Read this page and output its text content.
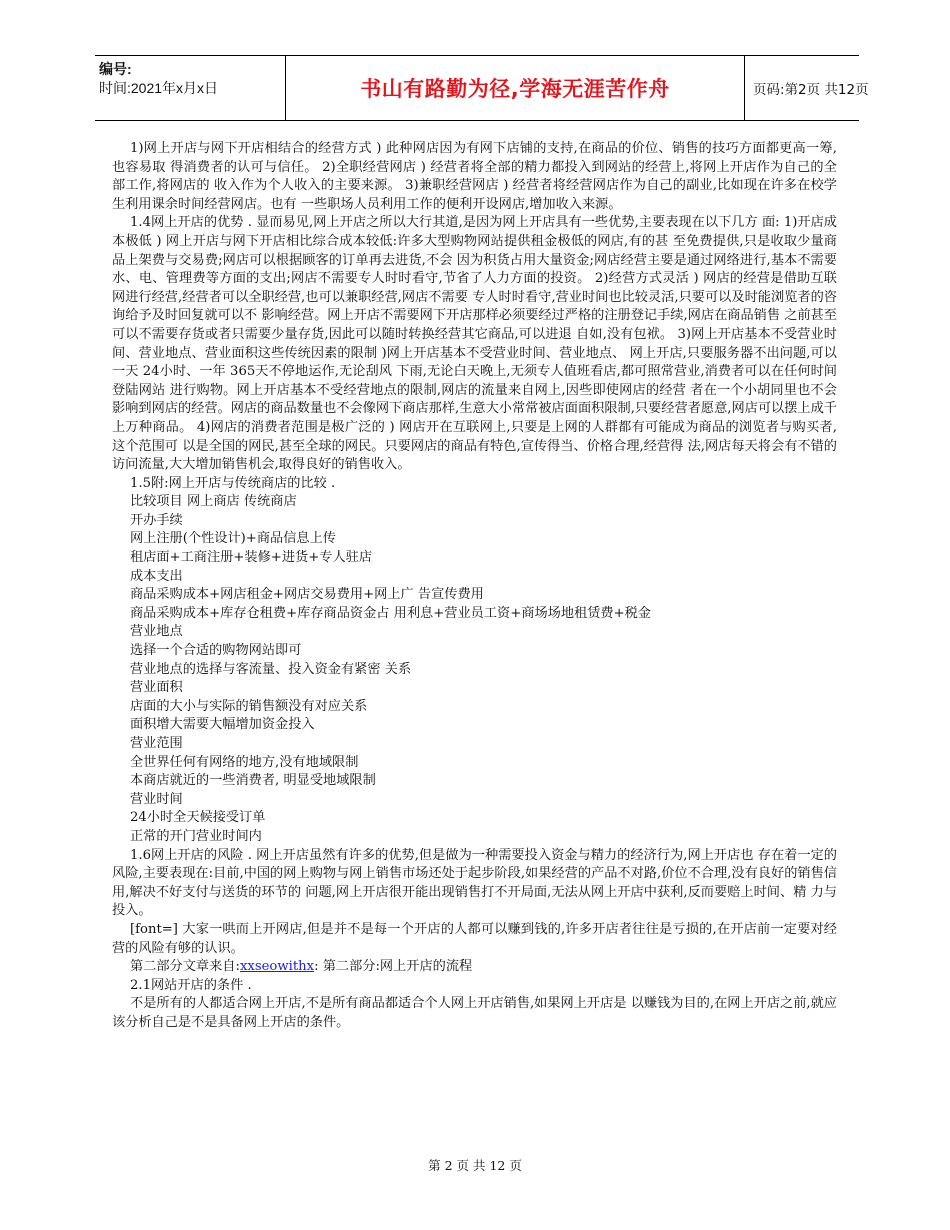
编号:
时间:2021年x月x日	书山有路勤为径,学海无涯苦作舟	页码:第2页 共12页

1)网上开店与网下开店相结合的经营方式 ) 此种网店因为有网下店铺的支持,在商品的价位、销售的技巧方面都更高一筹,也容易取 得消费者的认可与信任。 2)全职经营网店 ) 经营者将全部的精力都投入到网站的经营上,将网上开店作为自己的全部工作,将网店的 收入作为个人收入的主要来源。 3)兼职经营网店 ) 经营者将经营网店作为自己的副业,比如现在许多在校学生利用课余时间经营网店。也有 一些职场人员利用工作的便利开设网店,增加收入来源。

1.4网上开店的优势 . 显而易见,网上开店之所以大行其道,是因为网上开店具有一些优势,主要表现在以下几方 面: 1)开店成本极低 ) 网上开店与网下开店相比综合成本较低:许多大型购物网站提供租金极低的网店,有的甚 至免费提供,只是收取少量商品上架费与交易费;网店可以根据顾客的订单再去进货,不会 因为积货占用大量资金;网店经营主要是通过网络进行,基本不需要水、电、管理费等方面的支出;网店不需要专人时时看守,节省了人力方面的投资。 2)经营方式灵活 ) 网店的经营是借助互联网进行经营,经营者可以全职经营,也可以兼职经营,网店不需要 专人时时看守,营业时间也比较灵活,只要可以及时能浏览者的咨询给予及时回复就可以不 影响经营。网上开店不需要网下开店那样必须要经过严格的注册登记手续,网店在商品销售 之前甚至可以不需要存货或者只需要少量存货,因此可以随时转换经营其它商品,可以进退 自如,没有包袱。 3)网上开店基本不受营业时间、营业地点、营业面积这些传统因素的限制 )网上开店基本不受营业时间、营业地点、 网上开店,只要服务器不出问题,可以一天 24小时、一年 365天不停地运作,无论刮风 下雨,无论白天晚上,无须专人值班看店,都可照常营业,消费者可以在任何时间登陆网站 进行购物。网上开店基本不受经营地点的限制,网店的流量来自网上,因些即使网店的经营 者在一个小胡同里也不会影响到网店的经营。网店的商品数量也不会像网下商店那样,生意大小常常被店面面积限制,只要经营者愿意,网店可以摆上成千上万种商品。 4)网店的消费者范围是极广泛的 ) 网店开在互联网上,只要是上网的人群都有可能成为商品的浏览者与购买者,这个范围可 以是全国的网民,甚至全球的网民。只要网店的商品有特色,宣传得当、价格合理,经营得 法,网店每天将会有不错的访问流量,大大增加销售机会,取得良好的销售收入。

1.5附:网上开店与传统商店的比较 .
比较项目 网上商店 传统商店
开办手续
网上注册(个性设计)+商品信息上传
租店面+工商注册+装修+进货+专人驻店
成本支出
商品采购成本+网店租金+网店交易费用+网上广 告宣传费用
商品采购成本+库存仓租费+库存商品资金占 用利息+营业员工资+商场场地租赁费+税金
营业地点
选择一个合适的购物网站即可
营业地点的选择与客流量、投入资金有紧密 关系
营业面积
店面的大小与实际的销售额没有对应关系
面积增大需要大幅增加资金投入
营业范围
全世界任何有网络的地方,没有地域限制
本商店就近的一些消费者, 明显受地域限制
营业时间
24小时全天候接受订单
正常的开门营业时间内

1.6网上开店的风险 . 网上开店虽然有许多的优势,但是做为一种需要投入资金与精力的经济行为,网上开店也 存在着一定的风险,主要表现在:目前,中国的网上购物与网上销售市场还处于起步阶段,如果经营的产品不对路,价位不合理,没有良好的销售信用,解决不好支付与送货的环节的 问题,网上开店很开能出现销售打不开局面,无法从网上开店中获利,反而要赔上时间、精 力与投入。

[font=] 大家一哄而上开网店,但是并不是每一个开店的人都可以赚到钱的,许多开店者往往是亏损的,在开店前一定要对经营的风险有够的认识。

第二部分文章来自:xxseowithx: 第二部分:网上开店的流程

2.1网站开店的条件 .

不是所有的人都适合网上开店,不是所有商品都适合个人网上开店销售,如果网上开店是 以赚钱为目的,在网上开店之前,就应该分析自己是不是具备网上开店的条件。

第 2 页 共 12 页
